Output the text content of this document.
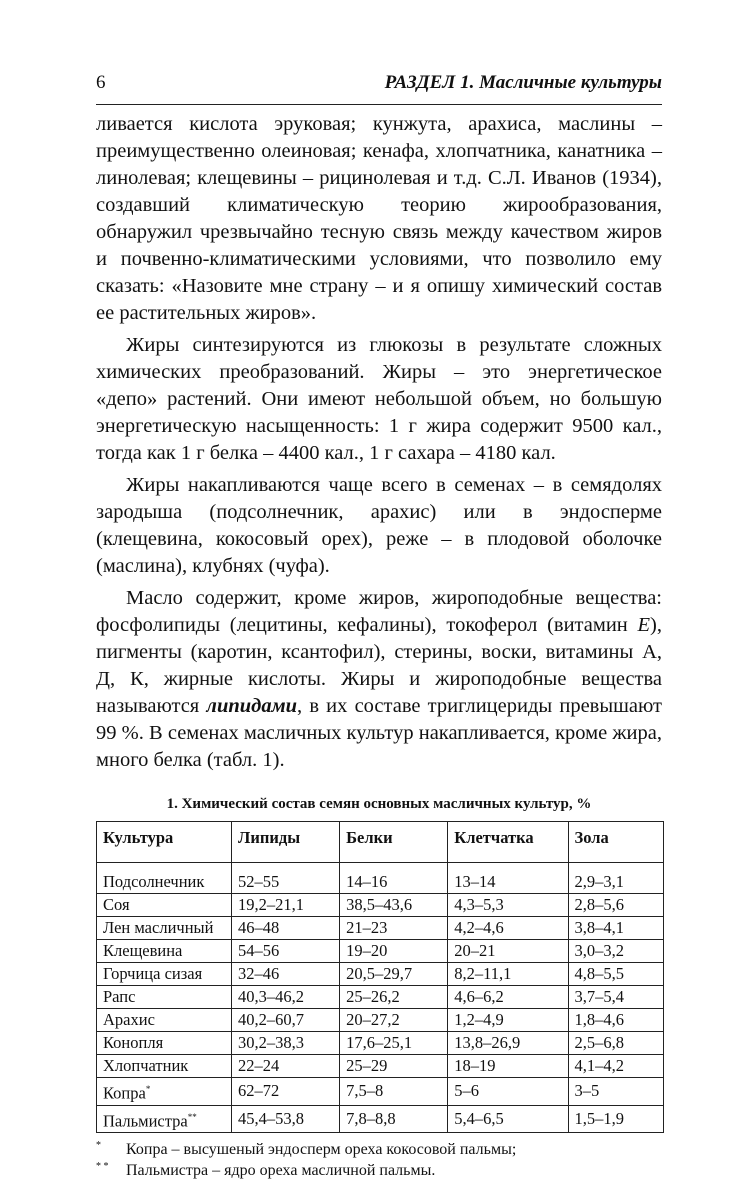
6	РАЗДЕЛ 1. Масличные культуры

ливается кислота эруковая; кунжута, арахиса, маслины – преимущественно олеиновая; кенафа, хлопчатника, канатника – линолевая; клещевины – рицинолевая и т.д. С.Л. Иванов (1934), создавший климатическую теорию жирообразования, обнаружил чрезвычайно тесную связь между качеством жиров и почвенно-климатическими условиями, что позволило ему сказать: «Назовите мне страну – и я опишу химический состав ее растительных жиров».

Жиры синтезируются из глюкозы в результате сложных химических преобразований. Жиры – это энергетическое «депо» растений. Они имеют небольшой объем, но большую энергетическую насыщенность: 1 г жира содержит 9500 кал., тогда как 1 г белка – 4400 кал., 1 г сахара – 4180 кал.

Жиры накапливаются чаще всего в семенах – в семядолях зародыша (подсолнечник, арахис) или в эндосперме (клещевина, кокосовый орех), реже – в плодовой оболочке (маслина), клубнях (чуфа).

Масло содержит, кроме жиров, жироподобные вещества: фосфолипиды (лецитины, кефалины), токоферол (витамин Е), пигменты (каротин, ксантофил), стерины, воски, витамины А, Д, К, жирные кислоты. Жиры и жироподобные вещества называются липидами, в их составе триглицериды превышают 99 %. В семенах масличных культур накапливается, кроме жира, много белка (табл. 1).

1. Химический состав семян основных масличных культур, %
Культура	Липиды	Белки	Клетчатка	Зола
Подсолнечник	52–55	14–16	13–14	2,9–3,1
Соя	19,2–21,1	38,5–43,6	4,3–5,3	2,8–5,6
Лен масличный	46–48	21–23	4,2–4,6	3,8–4,1
Клещевина	54–56	19–20	20–21	3,0–3,2
Горчица сизая	32–46	20,5–29,7	8,2–11,1	4,8–5,5
Рапс	40,3–46,2	25–26,2	4,6–6,2	3,7–5,4
Арахис	40,2–60,7	20–27,2	1,2–4,9	1,8–4,6
Конопля	30,2–38,3	17,6–25,1	13,8–26,9	2,5–6,8
Хлопчатник	22–24	25–29	18–19	4,1–4,2
Копра*	62–72	7,5–8	5–6	3–5
Пальмистра**	45,4–53,8	7,8–8,8	5,4–6,5	1,5–1,9
*	Копра – высушеный эндосперм ореха кокосовой пальмы;
* *	Пальмистра – ядро ореха масличной пальмы.
